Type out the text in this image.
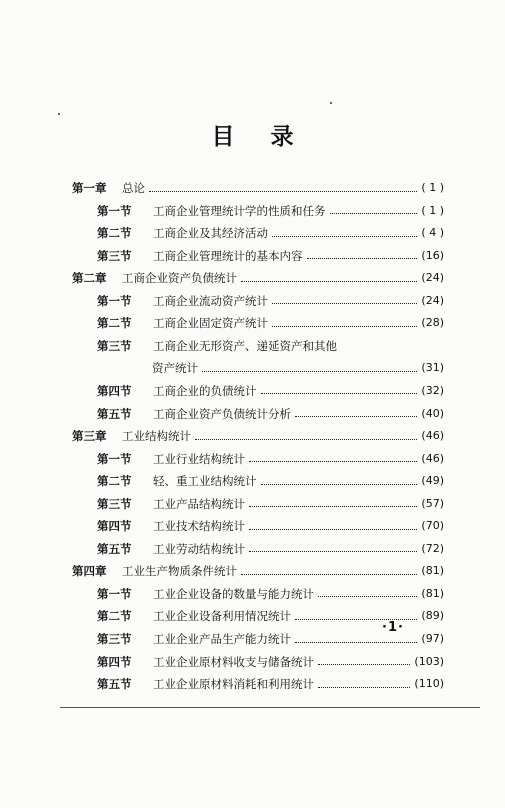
目 录
第一章	总论	( 1 )
第一节	工商企业管理统计学的性质和任务	( 1 )
第二节	工商企业及其经济活动	( 4 )
第三节	工商企业管理统计的基本内容	(16)
第二章	工商企业资产负债统计	(24)
第一节	工商企业流动资产统计	(24)
第二节	工商企业固定资产统计	(28)
第三节	工商企业无形资产、递延资产和其他
资产统计	(31)
第四节	工商企业的负债统计	(32)
第五节	工商企业资产负债统计分析	(40)
第三章	工业结构统计	(46)
第一节	工业行业结构统计	(46)
第二节	轻、重工业结构统计	(49)
第三节	工业产品结构统计	(57)
第四节	工业技术结构统计	(70)
第五节	工业劳动结构统计	(72)
第四章	工业生产物质条件统计	(81)
第一节	工业企业设备的数量与能力统计	(81)
第二节	工业企业设备利用情况统计	(89)
第三节	工业企业产品生产能力统计	(97)
第四节	工业企业原材料收支与储备统计	(103)
第五节	工业企业原材料消耗和利用统计	(110)
·1·
